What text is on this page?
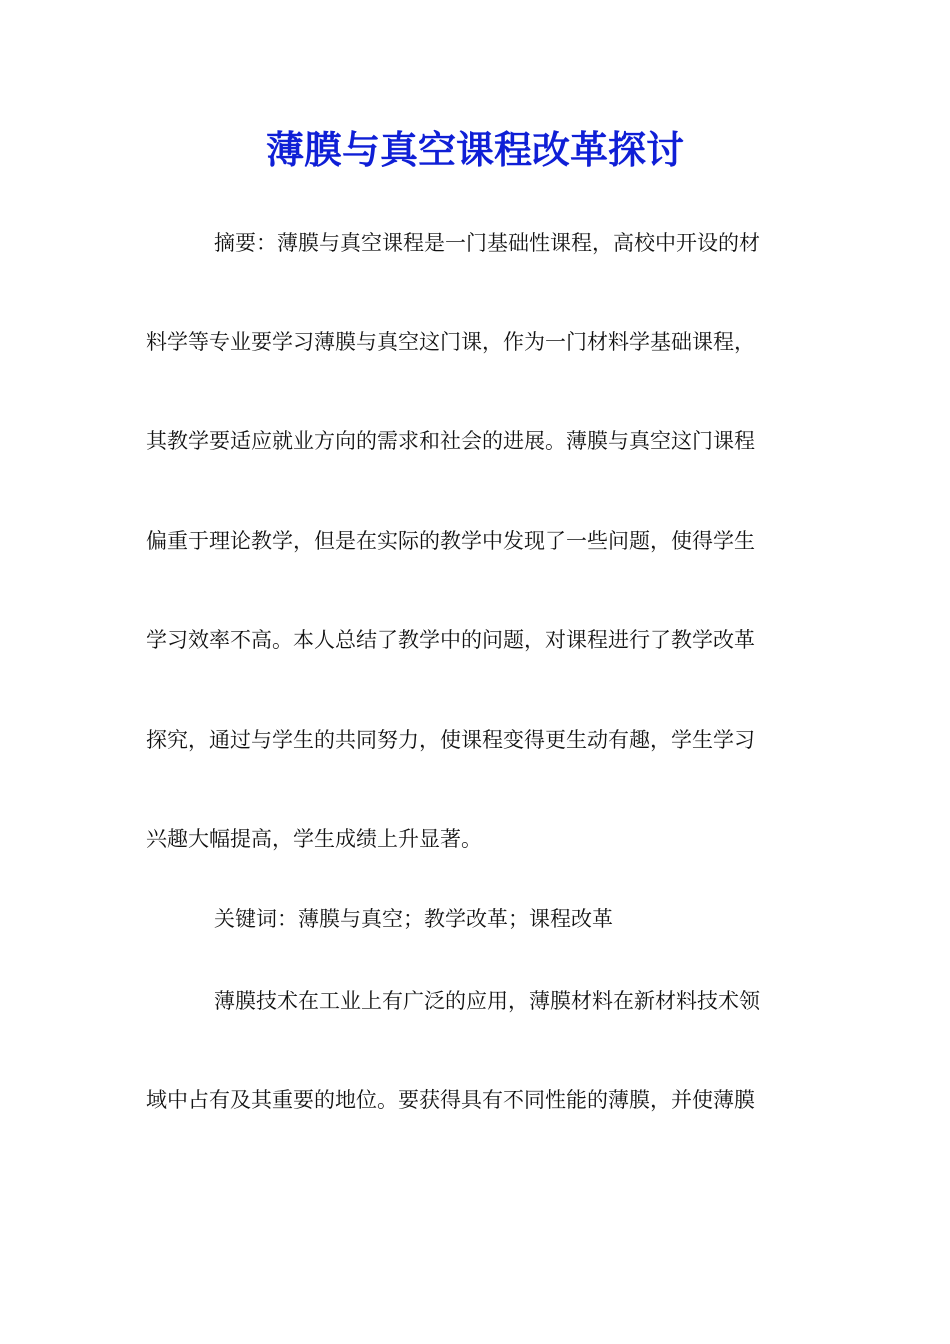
薄膜与真空课程改革探讨

摘要：薄膜与真空课程是一门基础性课程，高校中开设的材

料学等专业要学习薄膜与真空这门课，作为一门材料学基础课程，

其教学要适应就业方向的需求和社会的进展。薄膜与真空这门课程

偏重于理论教学，但是在实际的教学中发现了一些问题，使得学生

学习效率不高。本人总结了教学中的问题，对课程进行了教学改革

探究，通过与学生的共同努力，使课程变得更生动有趣，学生学习

兴趣大幅提高，学生成绩上升显著。

关键词：薄膜与真空；教学改革；课程改革

薄膜技术在工业上有广泛的应用，薄膜材料在新材料技术领

域中占有及其重要的地位。要获得具有不同性能的薄膜，并使薄膜
